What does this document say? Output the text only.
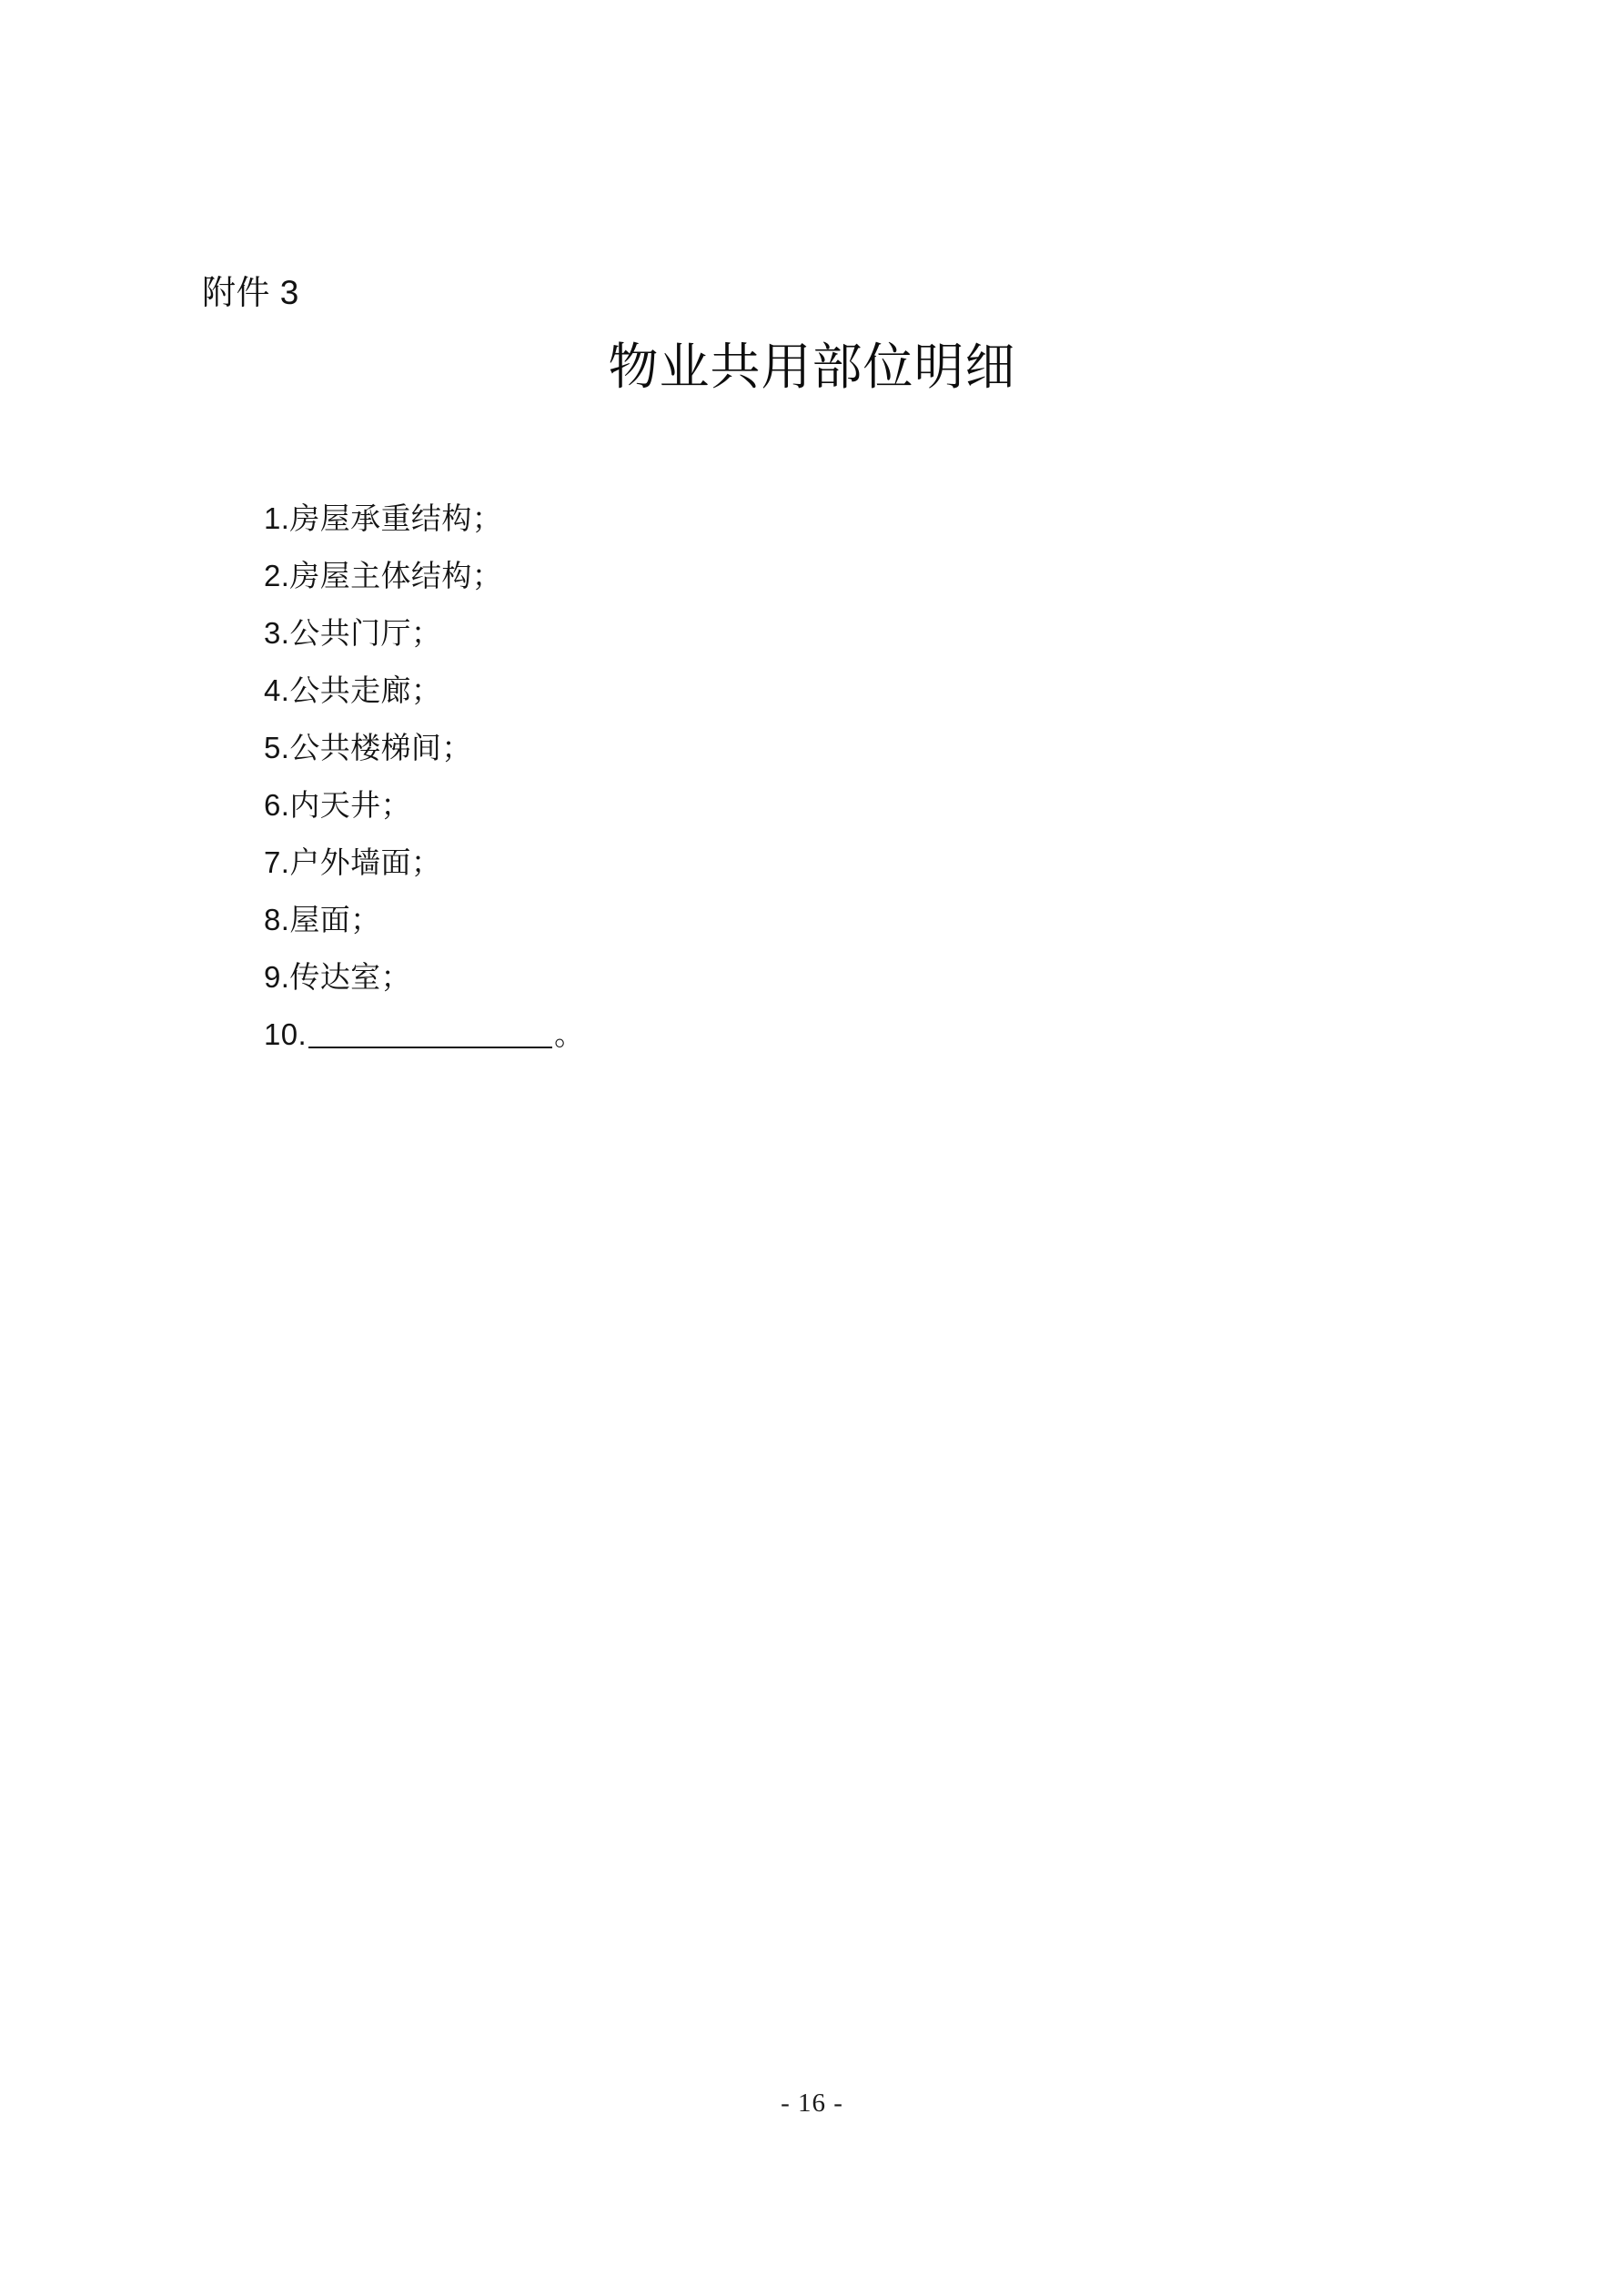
附件 3
物业共用部位明细
1.房屋承重结构；
2.房屋主体结构；
3.公共门厅；
4.公共走廊；
5.公共楼梯间；
6.内天井；
7.户外墙面；
8.屋面；
9.传达室；
10.	。
- 16 -
